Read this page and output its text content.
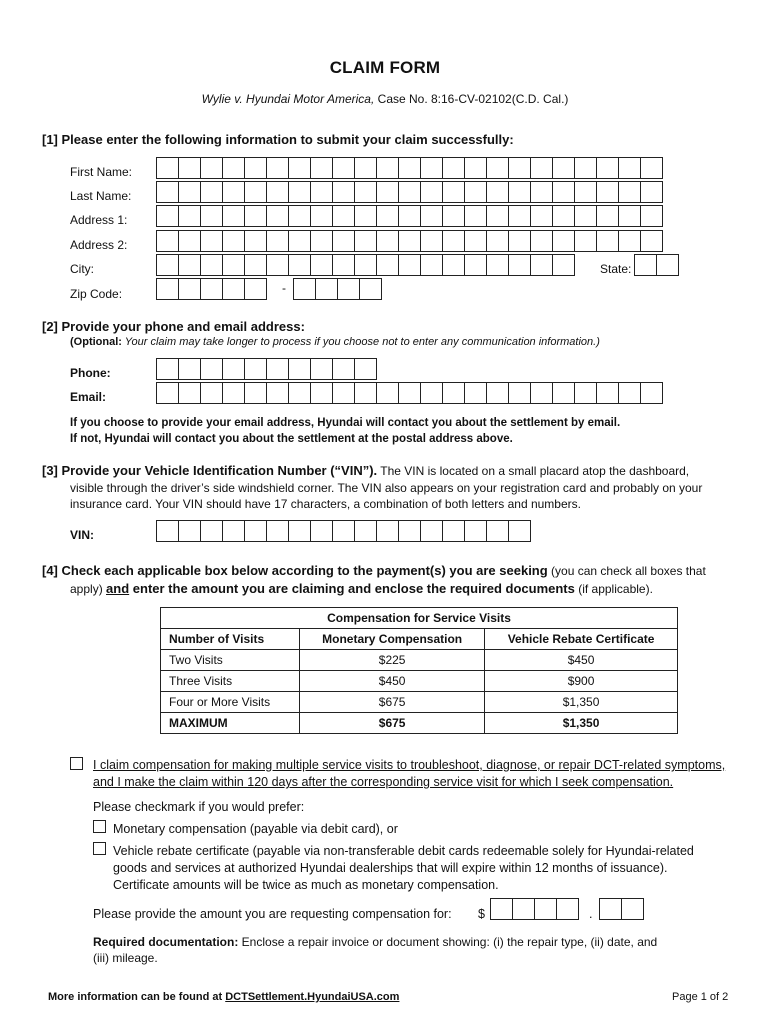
CLAIM FORM
Wylie v. Hyundai Motor America, Case No. 8:16-CV-02102(C.D. Cal.)
[1] Please enter the following information to submit your claim successfully:
First Name:
Last Name:
Address 1:
Address 2:
City:	State:
Zip Code:	-
[2] Provide your phone and email address:
(Optional: Your claim may take longer to process if you choose not to enter any communication information.)
Phone:
Email:
If you choose to provide your email address, Hyundai will contact you about the settlement by email.
If not, Hyundai will contact you about the settlement at the postal address above.
[3] Provide your Vehicle Identification Number (“VIN”). The VIN is located on a small placard atop the dashboard,
visible through the driver’s side windshield corner. The VIN also appears on your registration card and probably on your
insurance card. Your VIN should have 17 characters, a combination of both letters and numbers.
VIN:
[4] Check each applicable box below according to the payment(s) you are seeking (you can check all boxes that
apply) and enter the amount you are claiming and enclose the required documents (if applicable).
Compensation for Service Visits		
Number of Visits	Monetary Compensation	Vehicle Rebate Certificate
Two Visits	$225	$450
Three Visits	$450	$900
Four or More Visits	$675	$1,350
MAXIMUM	$675	$1,350
I claim compensation for making multiple service visits to troubleshoot, diagnose, or repair DCT-related symptoms,
and I make the claim within 120 days after the corresponding service visit for which I seek compensation.
Please checkmark if you would prefer:
Monetary compensation (payable via debit card), or
Vehicle rebate certificate (payable via non-transferable debit cards redeemable solely for Hyundai-related
goods and services at authorized Hyundai dealerships that will expire within 12 months of issuance).
Certificate amounts will be twice as much as monetary compensation.
Please provide the amount you are requesting compensation for: $	.
Required documentation: Enclose a repair invoice or document showing: (i) the repair type, (ii) date, and
(iii) mileage.
More information can be found at DCTSettlement.HyundaiUSA.com	Page 1 of 2
